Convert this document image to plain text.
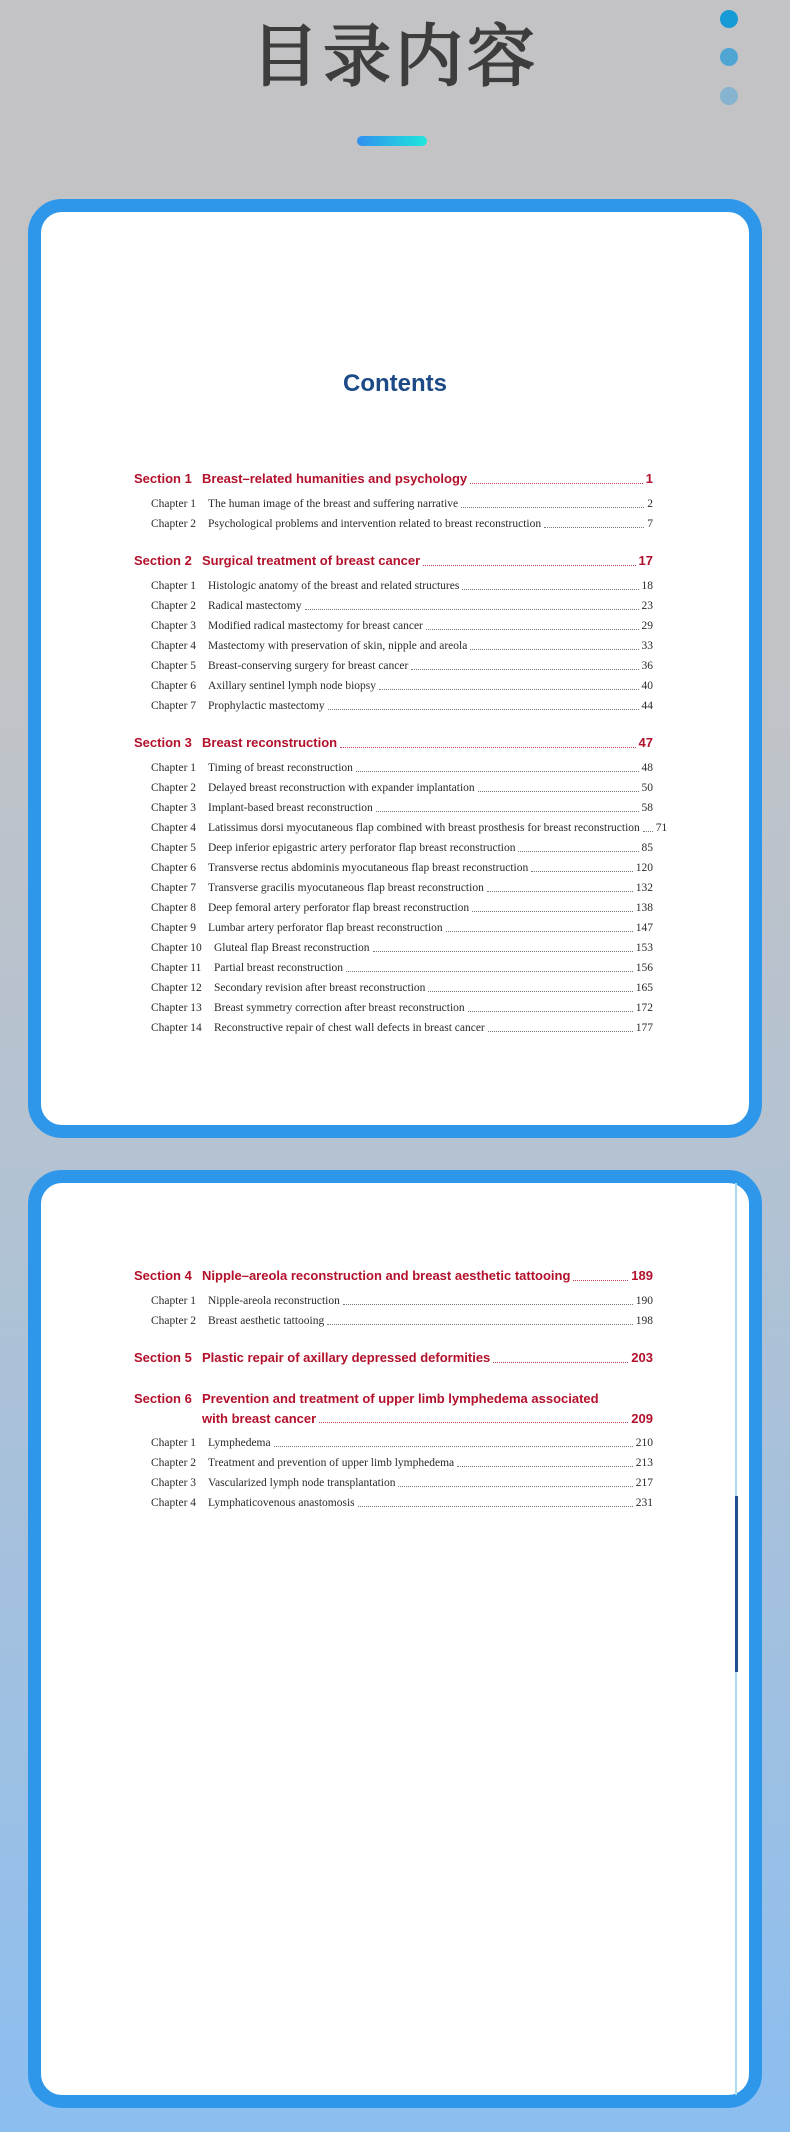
目录内容
Contents
Section 1 Breast–related humanities and psychology	1
Chapter 1	The human image of the breast and suffering narrative	2
Chapter 2	Psychological problems and intervention related to breast reconstruction	7
Section 2 Surgical treatment of breast cancer	17
Chapter 1	Histologic anatomy of the breast and related structures	18
Chapter 2	Radical mastectomy	23
Chapter 3	Modified radical mastectomy for breast cancer	29
Chapter 4	Mastectomy with preservation of skin, nipple and areola	33
Chapter 5	Breast-conserving surgery for breast cancer	36
Chapter 6	Axillary sentinel lymph node biopsy	40
Chapter 7	Prophylactic mastectomy	44
Section 3 Breast reconstruction	47
Chapter 1	Timing of breast reconstruction	48
Chapter 2	Delayed breast reconstruction with expander implantation	50
Chapter 3	Implant-based breast reconstruction	58
Chapter 4	Latissimus dorsi myocutaneous flap combined with breast prosthesis for breast reconstruction 71
Chapter 5	Deep inferior epigastric artery perforator flap breast reconstruction	85
Chapter 6	Transverse rectus abdominis myocutaneous flap breast reconstruction	120
Chapter 7	Transverse gracilis myocutaneous flap breast reconstruction	132
Chapter 8	Deep femoral artery perforator flap breast reconstruction	138
Chapter 9	Lumbar artery perforator flap breast reconstruction	147
Chapter 10	Gluteal flap Breast reconstruction	153
Chapter 11	Partial breast reconstruction	156
Chapter 12	Secondary revision after breast reconstruction	165
Chapter 13	Breast symmetry correction after breast reconstruction	172
Chapter 14	Reconstructive repair of chest wall defects in breast cancer	177
Section 4 Nipple–areola reconstruction and breast aesthetic tattooing	189
Chapter 1	Nipple-areola reconstruction	190
Chapter 2	Breast aesthetic tattooing	198
Section 5 Plastic repair of axillary depressed deformities	203
Section 6 Prevention and treatment of upper limb lymphedema associated
with breast cancer	209
Chapter 1	Lymphedema	210
Chapter 2	Treatment and prevention of upper limb lymphedema	213
Chapter 3	Vascularized lymph node transplantation	217
Chapter 4	Lymphaticovenous anastomosis	231
